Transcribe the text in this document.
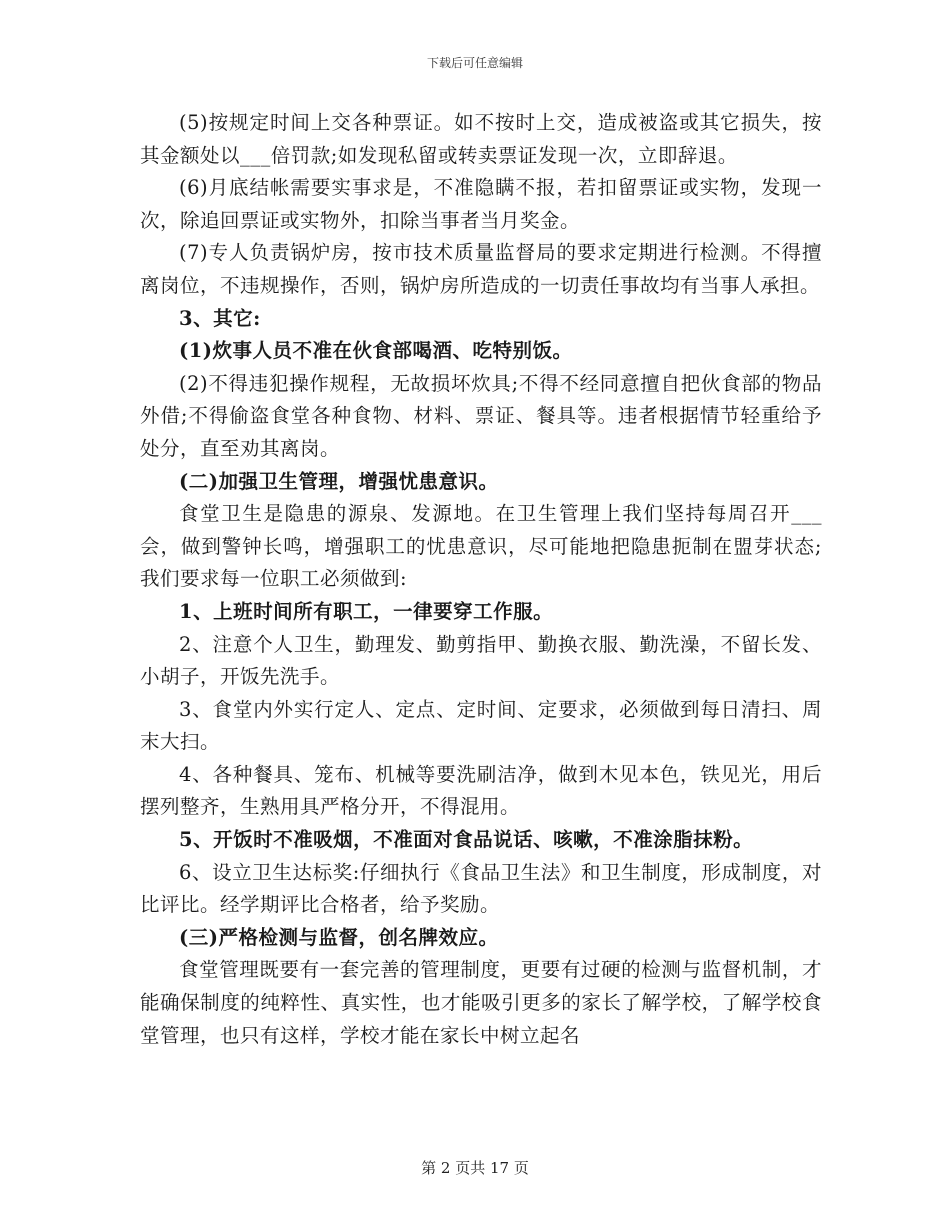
下载后可任意编辑

(5)按规定时间上交各种票证。如不按时上交，造成被盗或其它损失，按其金额处以___倍罚款;如发现私留或转卖票证发现一次，立即辞退。

(6)月底结帐需要实事求是，不准隐瞒不报，若扣留票证或实物，发现一次，除追回票证或实物外，扣除当事者当月奖金。

(7)专人负责锅炉房，按市技术质量监督局的要求定期进行检测。不得擅离岗位，不违规操作，否则，锅炉房所造成的一切责任事故均有当事人承担。

3、其它:

(1)炊事人员不准在伙食部喝酒、吃特别饭。

(2)不得违犯操作规程，无故损坏炊具;不得不经同意擅自把伙食部的物品外借;不得偷盗食堂各种食物、材料、票证、餐具等。违者根据情节轻重给予处分，直至劝其离岗。

(二)加强卫生管理，增强忧患意识。

食堂卫生是隐患的源泉、发源地。在卫生管理上我们坚持每周召开___会，做到警钟长鸣，增强职工的忧患意识，尽可能地把隐患扼制在盟芽状态;我们要求每一位职工必须做到:

1、上班时间所有职工，一律要穿工作服。

2、注意个人卫生，勤理发、勤剪指甲、勤换衣服、勤洗澡，不留长发、小胡子，开饭先洗手。

3、食堂内外实行定人、定点、定时间、定要求，必须做到每日清扫、周末大扫。

4、各种餐具、笼布、机械等要洗刷洁净，做到木见本色，铁见光，用后摆列整齐，生熟用具严格分开，不得混用。

5、开饭时不准吸烟，不准面对食品说话、咳嗽，不准涂脂抹粉。

6、设立卫生达标奖:仔细执行《食品卫生法》和卫生制度，形成制度，对比评比。经学期评比合格者，给予奖励。

(三)严格检测与监督，创名牌效应。

食堂管理既要有一套完善的管理制度，更要有过硬的检测与监督机制，才能确保制度的纯粹性、真实性，也才能吸引更多的家长了解学校，了解学校食堂管理，也只有这样，学校才能在家长中树立起名

第 2 页共 17 页
